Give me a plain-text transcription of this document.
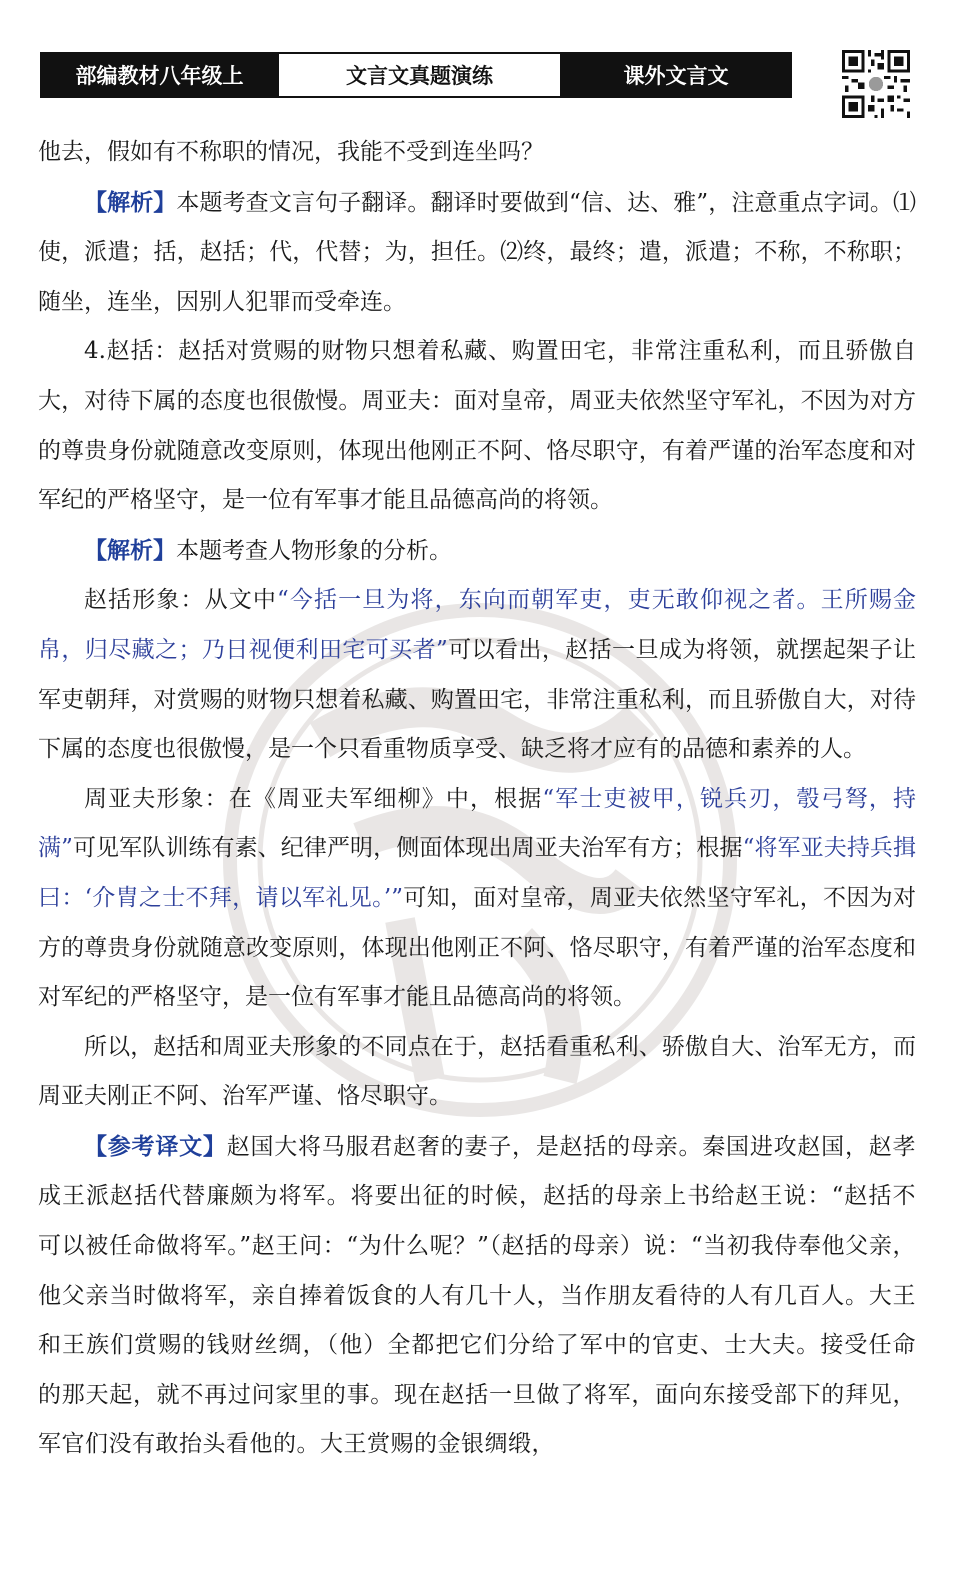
部编教材八年级上	文言文真题演练	课外文言文

他去，假如有不称职的情况，我能不受到连坐吗？

【解析】本题考查文言句子翻译。翻译时要做到“信、达、雅”，注意重点字词。⑴使，派遣；括，赵括；代，代替；为，担任。⑵终，最终；遣，派遣；不称，不称职；随坐，连坐，因别人犯罪而受牵连。

4.赵括：赵括对赏赐的财物只想着私藏、购置田宅，非常注重私利，而且骄傲自大，对待下属的态度也很傲慢。周亚夫：面对皇帝，周亚夫依然坚守军礼，不因为对方的尊贵身份就随意改变原则，体现出他刚正不阿、恪尽职守，有着严谨的治军态度和对军纪的严格坚守，是一位有军事才能且品德高尚的将领。

【解析】本题考查人物形象的分析。

赵括形象：从文中“今括一旦为将，东向而朝军吏，吏无敢仰视之者。王所赐金帛，归尽藏之；乃日视便利田宅可买者”可以看出，赵括一旦成为将领，就摆起架子让军吏朝拜，对赏赐的财物只想着私藏、购置田宅，非常注重私利，而且骄傲自大，对待下属的态度也很傲慢，是一个只看重物质享受、缺乏将才应有的品德和素养的人。

周亚夫形象：在《周亚夫军细柳》中，根据“军士吏被甲，锐兵刃，彀弓弩，持满”可见军队训练有素、纪律严明，侧面体现出周亚夫治军有方；根据“将军亚夫持兵揖曰：‘介胄之士不拜，请以军礼见。’”可知，面对皇帝，周亚夫依然坚守军礼，不因为对方的尊贵身份就随意改变原则，体现出他刚正不阿、恪尽职守，有着严谨的治军态度和对军纪的严格坚守，是一位有军事才能且品德高尚的将领。

所以，赵括和周亚夫形象的不同点在于，赵括看重私利、骄傲自大、治军无方，而周亚夫刚正不阿、治军严谨、恪尽职守。

【参考译文】赵国大将马服君赵奢的妻子，是赵括的母亲。秦国进攻赵国，赵孝成王派赵括代替廉颇为将军。将要出征的时候，赵括的母亲上书给赵王说：“赵括不可以被任命做将军。”赵王问：“为什么呢？”（赵括的母亲）说：“当初我侍奉他父亲，他父亲当时做将军，亲自捧着饭食的人有几十人，当作朋友看待的人有几百人。大王和王族们赏赐的钱财丝绸，（他）全都把它们分给了军中的官吏、士大夫。接受任命的那天起，就不再过问家里的事。现在赵括一旦做了将军，面向东接受部下的拜见，军官们没有敢抬头看他的。大王赏赐的金银绸缎，
